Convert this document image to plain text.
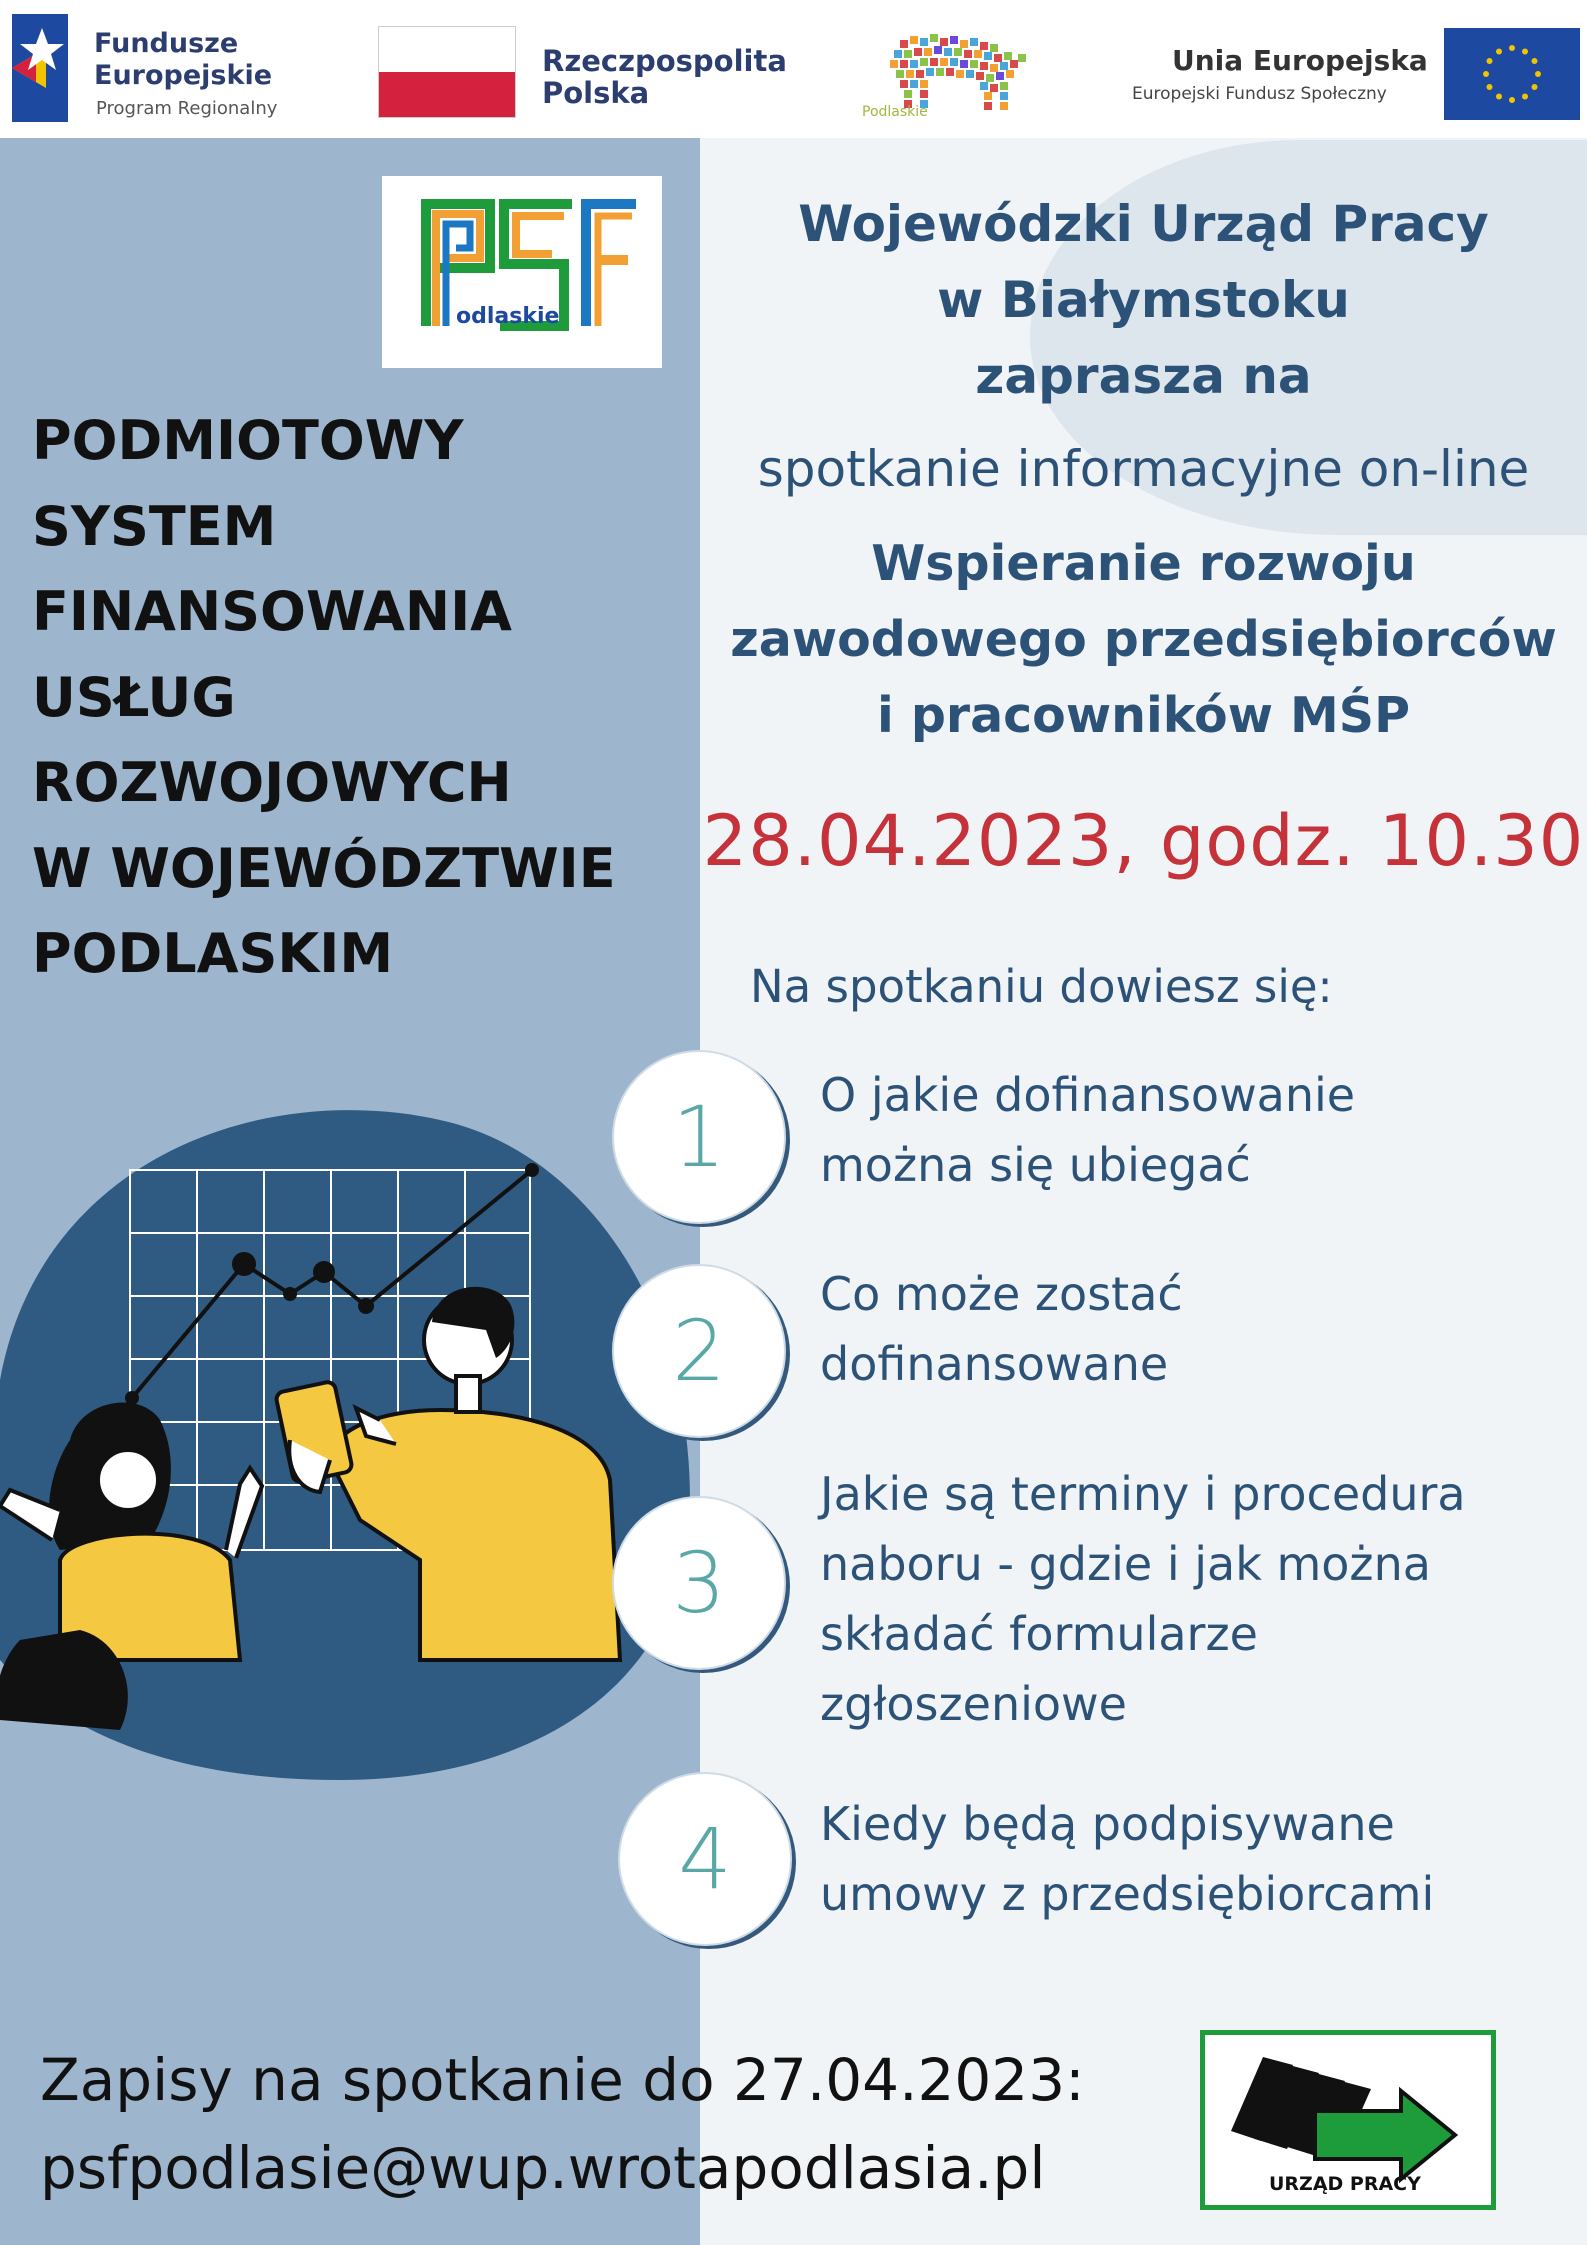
Fundusze
Europejskie
Program Regionalny
Rzeczpospolita
Polska
Podlaskie
Unia Europejska
Europejski Fundusz Społeczny
odlaskie
PODMIOTOWY
SYSTEM
FINANSOWANIA
USŁUG
ROZWOJOWYCH
W WOJEWÓDZTWIE
PODLASKIM
Wojewódzki Urząd Pracy
w Białymstoku
zaprasza na
spotkanie informacyjne on-line
Wspieranie rozwoju
zawodowego przedsiębiorców
i pracowników MŚP
28.04.2023, godz. 10.30
Na spotkaniu dowiesz się:
1	O jakie dofinansowanie
można się ubiegać
2
Co może zostać
dofinansowane
3
Jakie są terminy i procedura
naboru - gdzie i jak można
składać formularze
zgłoszeniowe
4	Kiedy będą podpisywane
umowy z przedsiębiorcami
Zapisy na spotkanie do 27.04.2023:
psfpodlasie@wup.wrotapodlasia.pl	URZĄD PRACY
